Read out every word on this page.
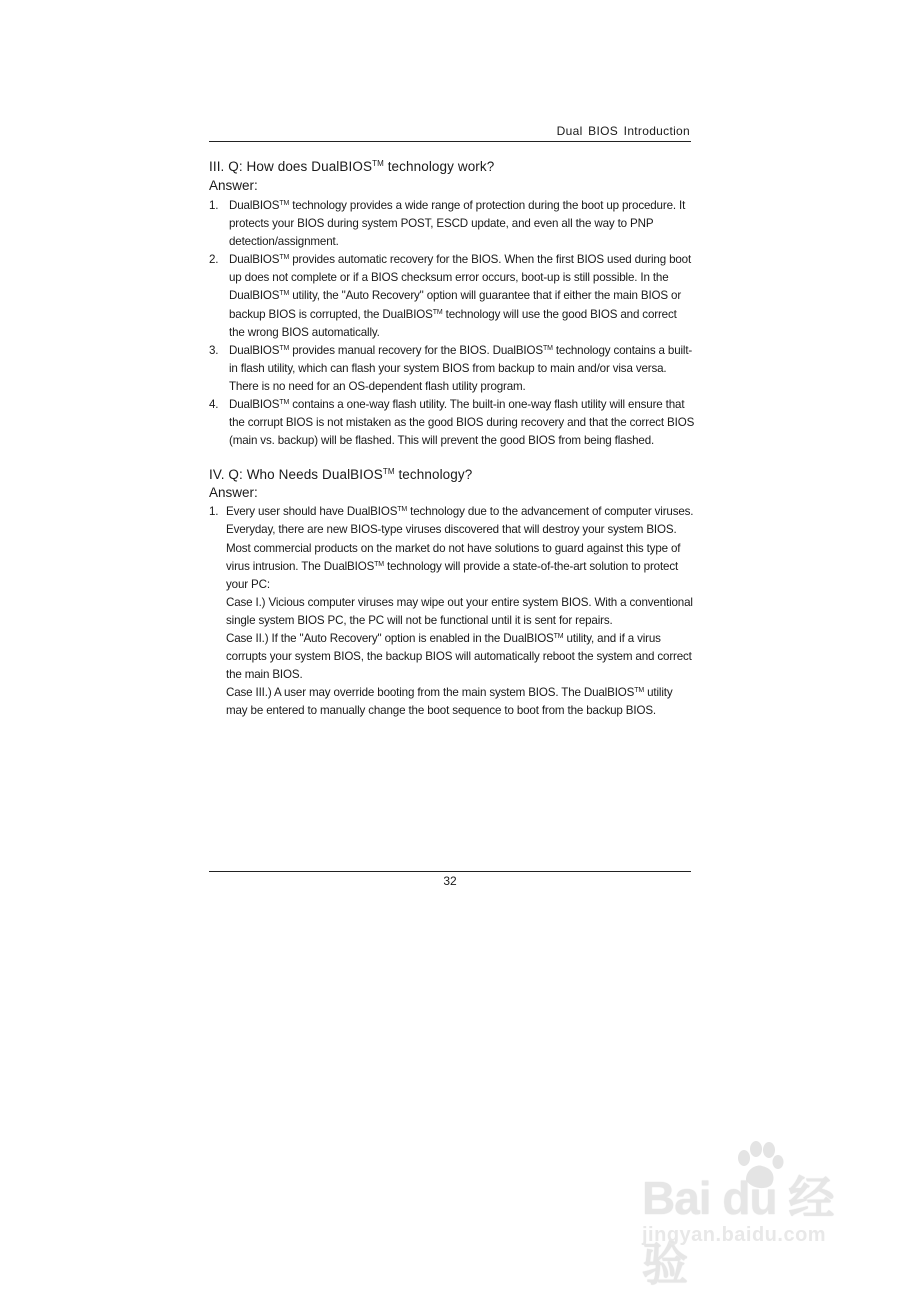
Dual BIOS Introduction

III. Q: How does DualBIOS™ technology work?

Answer:

1. DualBIOS™ technology provides a wide range of protection during the boot up procedure. It protects your BIOS during system POST, ESCD update, and even all the way to PNP detection/assignment.
2. DualBIOS™ provides automatic recovery for the BIOS. When the first BIOS used during boot up does not complete or if a BIOS checksum error occurs, boot-up is still possible. In the DualBIOS™ utility, the "Auto Recovery" option will guarantee that if either the main BIOS or backup BIOS is corrupted, the DualBIOS™ technology will use the good BIOS and correct the wrong BIOS automatically.
3. DualBIOS™ provides manual recovery for the BIOS. DualBIOS™ technology contains a built-in flash utility, which can flash your system BIOS from backup to main and/or visa versa. There is no need for an OS-dependent flash utility program.
4. DualBIOS™ contains a one-way flash utility. The built-in one-way flash utility will ensure that the corrupt BIOS is not mistaken as the good BIOS during recovery and that the correct BIOS (main vs. backup) will be flashed. This will prevent the good BIOS from being flashed.

IV. Q: Who Needs DualBIOS™ technology?

Answer:

1. Every user should have DualBIOS™ technology due to the advancement of computer viruses.
Everyday, there are new BIOS-type viruses discovered that will destroy your system BIOS. Most commercial products on the market do not have solutions to guard against this type of virus intrusion. The DualBIOS™ technology will provide a state-of-the-art solution to protect your PC:
Case I.) Vicious computer viruses may wipe out your entire system BIOS. With a conventional single system BIOS PC, the PC will not be functional until it is sent for repairs.
Case II.) If the "Auto Recovery" option is enabled in the DualBIOS™ utility, and if a virus corrupts your system BIOS, the backup BIOS will automatically reboot the system and correct the main BIOS.
Case III.) A user may override booting from the main system BIOS. The DualBIOS™ utility may be entered to manually change the boot sequence to boot from the backup BIOS.
32
Bai du 经验
jingyan.baidu.com
